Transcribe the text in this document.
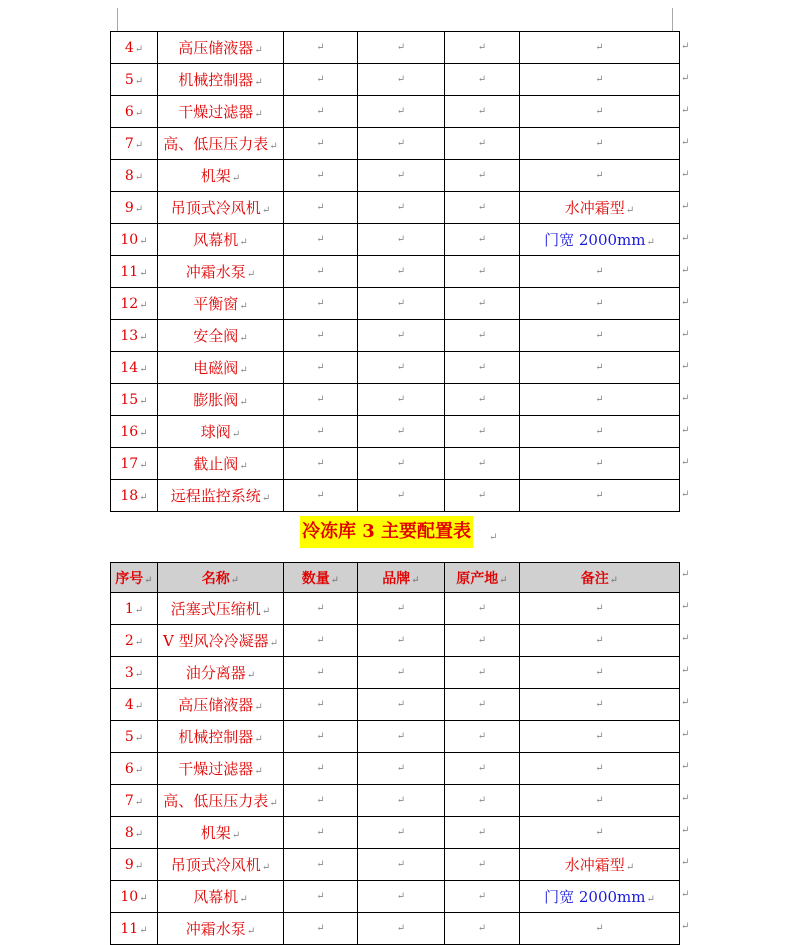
4↵	高压储液器↵	↵	↵	↵	↵
5↵	机械控制器↵	↵	↵	↵	↵
6↵	干燥过滤器↵	↵	↵	↵	↵
7↵	高、低压压力表↵	↵	↵	↵	↵
8↵	机架↵	↵	↵	↵	↵
9↵	吊顶式冷风机↵	↵	↵	↵	水冲霜型↵
10↵	风幕机↵	↵	↵	↵	门宽 2000mm↵
11↵	冲霜水泵↵	↵	↵	↵	↵
12↵	平衡窗↵	↵	↵	↵	↵
13↵	安全阀↵	↵	↵	↵	↵
14↵	电磁阀↵	↵	↵	↵	↵
15↵	膨胀阀↵	↵	↵	↵	↵
16↵	球阀↵	↵	↵	↵	↵
17↵	截止阀↵	↵	↵	↵	↵
18↵	远程监控系统↵	↵	↵	↵	↵
↵
↵
↵
↵
↵
↵
↵
↵
↵
↵
↵
↵
↵
↵
↵
冷冻库 3 主要配置表 ↵
序号↵	名称↵	数量↵	品牌↵	原产地↵	备注↵
1↵	活塞式压缩机↵	↵	↵	↵	↵
2↵	V 型风冷冷凝器↵	↵	↵	↵	↵
3↵	油分离器↵	↵	↵	↵	↵
4↵	高压储液器↵	↵	↵	↵	↵
5↵	机械控制器↵	↵	↵	↵	↵
6↵	干燥过滤器↵	↵	↵	↵	↵
7↵	高、低压压力表↵	↵	↵	↵	↵
8↵	机架↵	↵	↵	↵	↵
9↵	吊顶式冷风机↵	↵	↵	↵	水冲霜型↵
10↵	风幕机↵	↵	↵	↵	门宽 2000mm↵
11↵	冲霜水泵↵	↵	↵	↵	↵
↵
↵
↵
↵
↵
↵
↵
↵
↵
↵
↵
↵
